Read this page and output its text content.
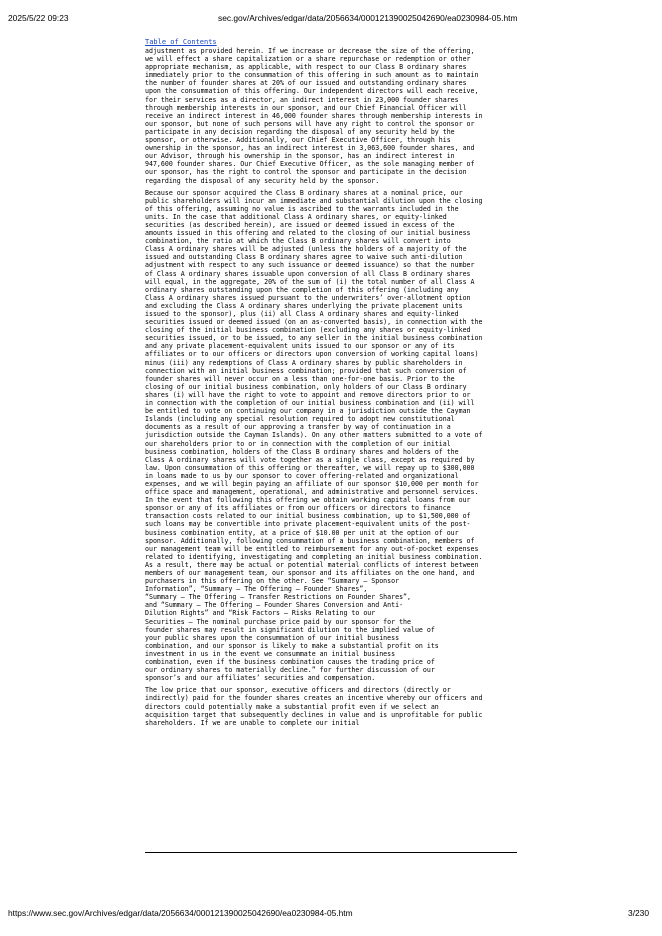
2025/5/22 09:23	sec.gov/Archives/edgar/data/2056634/000121390025042690/ea0230984-05.htm
Table of Contents

adjustment as provided herein. If we increase or decrease the size of the offering,
we will effect a share capitalization or a share repurchase or redemption or other
appropriate mechanism, as applicable, with respect to our Class B ordinary shares
immediately prior to the consummation of this offering in such amount as to maintain
the number of founder shares at 20% of our issued and outstanding ordinary shares
upon the consummation of this offering. Our independent directors will each receive,
for their services as a director, an indirect interest in 23,000 founder shares
through membership interests in our sponsor, and our Chief Financial Officer will
receive an indirect interest in 46,000 founder shares through membership interests in
our sponsor, but none of such persons will have any right to control the sponsor or
participate in any decision regarding the disposal of any security held by the
sponsor, or otherwise. Additionally, our Chief Executive Officer, through his
ownership in the sponsor, has an indirect interest in 3,063,600 founder shares, and
our Advisor, through his ownership in the sponsor, has an indirect interest in
947,600 founder shares. Our Chief Executive Officer, as the sole managing member of
our sponsor, has the right to control the sponsor and participate in the decision
regarding the disposal of any security held by the sponsor.

Because our sponsor acquired the Class B ordinary shares at a nominal price, our
public shareholders will incur an immediate and substantial dilution upon the closing
of this offering, assuming no value is ascribed to the warrants included in the
units. In the case that additional Class A ordinary shares, or equity-linked
securities (as described herein), are issued or deemed issued in excess of the
amounts issued in this offering and related to the closing of our initial business
combination, the ratio at which the Class B ordinary shares will convert into
Class A ordinary shares will be adjusted (unless the holders of a majority of the
issued and outstanding Class B ordinary shares agree to waive such anti-dilution
adjustment with respect to any such issuance or deemed issuance) so that the number
of Class A ordinary shares issuable upon conversion of all Class B ordinary shares
will equal, in the aggregate, 20% of the sum of (i) the total number of all Class A
ordinary shares outstanding upon the completion of this offering (including any
Class A ordinary shares issued pursuant to the underwriters’ over-allotment option
and excluding the Class A ordinary shares underlying the private placement units
issued to the sponsor), plus (ii) all Class A ordinary shares and equity-linked
securities issued or deemed issued (on an as-converted basis), in connection with the
closing of the initial business combination (excluding any shares or equity-linked
securities issued, or to be issued, to any seller in the initial business combination
and any private placement-equivalent units issued to our sponsor or any of its
affiliates or to our officers or directors upon conversion of working capital loans)
minus (iii) any redemptions of Class A ordinary shares by public shareholders in
connection with an initial business combination; provided that such conversion of
founder shares will never occur on a less than one-for-one basis. Prior to the
closing of our initial business combination, only holders of our Class B ordinary
shares (i) will have the right to vote to appoint and remove directors prior to or
in connection with the completion of our initial business combination and (ii) will
be entitled to vote on continuing our company in a jurisdiction outside the Cayman
Islands (including any special resolution required to adopt new constitutional
documents as a result of our approving a transfer by way of continuation in a
jurisdiction outside the Cayman Islands). On any other matters submitted to a vote of
our shareholders prior to or in connection with the completion of our initial
business combination, holders of the Class B ordinary shares and holders of the
Class A ordinary shares will vote together as a single class, except as required by
law. Upon consummation of this offering or thereafter, we will repay up to $300,000
in loans made to us by our sponsor to cover offering-related and organizational
expenses, and we will begin paying an affiliate of our sponsor $10,000 per month for
office space and management, operational, and administrative and personnel services.
In the event that following this offering we obtain working capital loans from our
sponsor or any of its affiliates or from our officers or directors to finance
transaction costs related to our initial business combination, up to $1,500,000 of
such loans may be convertible into private placement-equivalent units of the post-
business combination entity, at a price of $10.00 per unit at the option of our
sponsor. Additionally, following consummation of a business combination, members of
our management team will be entitled to reimbursement for any out-of-pocket expenses
related to identifying, investigating and completing an initial business combination.
As a result, there may be actual or potential material conflicts of interest between
members of our management team, our sponsor and its affiliates on the one hand, and
purchasers in this offering on the other. See “Summary — Sponsor
Information”, “Summary — The Offering — Founder Shares”,
“Summary — The Offering — Transfer Restrictions on Founder Shares”,
and “Summary — The Offering — Founder Shares Conversion and Anti-
Dilution Rights” and “Risk Factors — Risks Relating to our
Securities — The nominal purchase price paid by our sponsor for the
founder shares may result in significant dilution to the implied value of
your public shares upon the consummation of our initial business
combination, and our sponsor is likely to make a substantial profit on its
investment in us in the event we consummate an initial business
combination, even if the business combination causes the trading price of
our ordinary shares to materially decline.” for further discussion of our
sponsor’s and our affiliates’ securities and compensation.

The low price that our sponsor, executive officers and directors (directly or
indirectly) paid for the founder shares creates an incentive whereby our officers and
directors could potentially make a substantial profit even if we select an
acquisition target that subsequently declines in value and is unprofitable for public
shareholders. If we are unable to complete our initial

https://www.sec.gov/Archives/edgar/data/2056634/000121390025042690/ea0230984-05.htm	3/230
